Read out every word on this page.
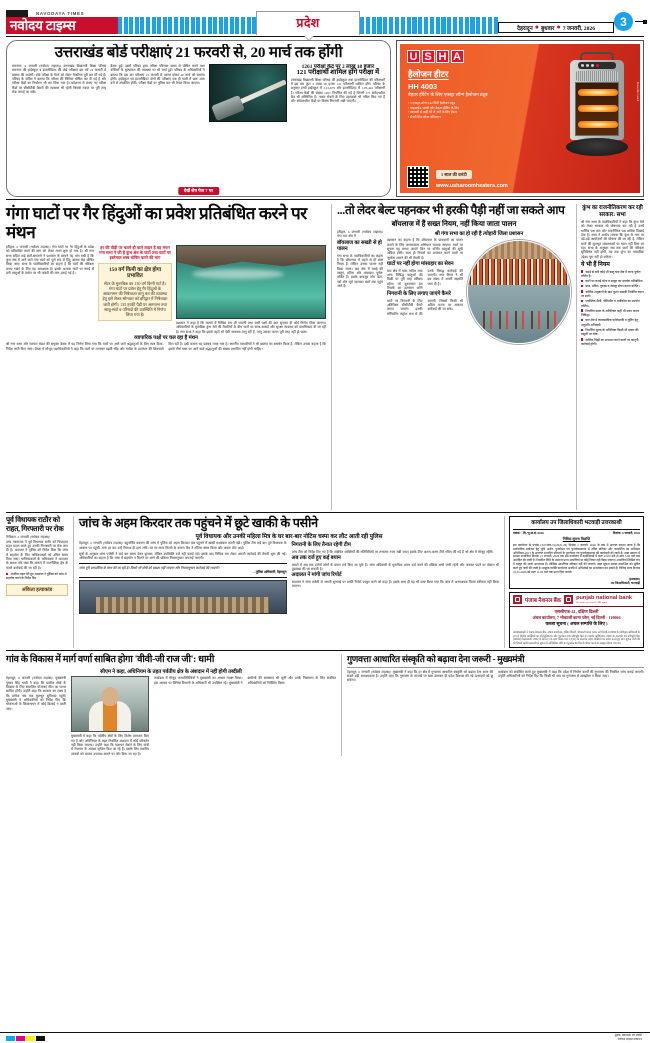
NAVODAYA TIMES
नवोदय टाइम्स	प्रदेश	देहरादून ● बुधवार ● 7 जनवरी, 2026	3
उत्तराखंड बोर्ड परीक्षाएं 21 फरवरी से, 20 मार्च तक होंगी
रामनगर, 6 जनवरी (नवोदय टाइम्स)। उत्तराखंड विद्यालयी शिक्षा परिषद रामनगर की हाईस्कूल व इंटरमीडिएट की बोर्ड परीक्षाएं इस वर्ष 21 फरवरी से प्रारम्भ की जाएंगी। बोर्ड परीक्षा के पैटर्न को लेकर तैयारियां पूरी कर ली गई हैं। परिषद के सचिव ने बताया कि परीक्षा की तिथियां घोषित कर दी गई हैं और परीक्षा केंद्रों का निर्धारण भी कर लिया गया है। प्रदेशभर में बनाए गए परीक्षा केंद्रों पर सीसीटीवी कैमरों की व्यवस्था भी रहेगी जिससे नकल पर पूरी तरह रोक लगाई जा सके।
बैठक हुई। इसमें परिषद द्वारा परीक्षा परिणाम समय से घोषित करने तथा कॉपियों के मूल्यांकन की व्यवस्था पर भी चर्चा हुई। परिषद के अधिकारियों ने बताया कि इस बार परीक्षाएं 21 फरवरी से आरंभ होकर 20 मार्च को समाप्त होंगी। हाईस्कूल एवं इंटरमीडिएट दोनों की परीक्षाएं एक ही पाली में प्रातः आठ बजे से संचालित होंगी। परीक्षा केंद्रों पर पुलिस बल भी तैनात किया जाएगा।
1261 परीक्षा केंद्र पर 2 लाख 18 हजार
121 परीक्षार्थी शामिल होंगे परीक्षा में
उत्तराखंड विद्यालयी शिक्षा परिषद की हाईस्कूल तथा इंटरमीडिएट की परीक्षाओं में इस बार कुल 2 लाख 18 हजार 121 परीक्षार्थी शामिल होंगे। परिषद के अनुसार इनमें हाईस्कूल में 1,12,679 और इंटरमीडिएट में 1,05,442 परीक्षार्थी हैं। परीक्षा केंद्रों की संख्या 1261 निर्धारित की गई है जिनमें 175 संवेदनशील केंद्र भी सम्मिलित हैं। नकल रोकने के लिए उड़नदस्ते भी गठित किए गए हैं और संवेदनशील केंद्रों पर विशेष निगरानी रखी जाएगी।
देखें शेष पेज 7 पर
U S H A
हैलोजन हीटर
HH 4003
बेहतर हीटिंग के लिए एक्स्ट्रा लॉन्ग हैलोजन ट्यूब
• 3 एक्स्ट्रा-लॉन्ग 242 मिमी हैलोजन ट्यूब
• वाइडस्प्रेड, जल्दी और बेहतर हीटिंग के लिए
• आसानी से कहीं भी ले जाने के लिए हैंडल
• सेफ्टी टिप-ओवर प्रोटेक्शन
1 साल की वारंटी
www.usharoomheaters.com
Manufactured
गंगा घाटों पर गैर हिंदुओं का प्रवेश प्रतिबंधित करने पर मंथन
हरिद्वार, 6 जनवरी (नवोदय टाइम्स)। गंगा घाटों पर गैर हिंदुओं के प्रवेश को प्रतिबंधित करने की मांग को लेकर मंथन शुरू हो गया है। श्री गंगा सभा सहित कई संतों-संगठनों ने प्रशासन के सामने यह मांग रखी है कि कुंभ क्षेत्र में आने वाले गंगा घाटों को पूर्ण रूप से हिंदू आस्था केंद्र घोषित किया जाए। सभा के पदाधिकारियों का कहना है कि घाटों की पवित्रता बनाए रखने के लिए यह आवश्यक है। इसके अलावा घाटों पर चमड़े से बनी वस्तुओं के प्रयोग पर भी पाबंदी की मांग उठाई गई है।
हर की पौड़ी पर चलने ही वाले लाइन है वह मंथन गंगा सभा ने की है कुंभ क्षेत्र के घाटों तथा घाटों पर इस्तेमाल शस्त्र घोषित करने की मांग
150 वर्ग किमी का क्षेत्र होगा प्रभावित
सेंटर के मुताबिक का 130 वर्ग किमी पार्ट है। गंगा घाटों पर प्रवेश हेतु गैर हिंदुओं के आवागमन की निषेधाज्ञा लागू कर की व्यवस्था हेतु इसे लेकर सोमवार को हरिद्वार में निषेधाज्ञा जारी होगी। 135 हरकी पैड़ी पर आमजन तथा साधु-संतों व परिषदों की उपस्थिति में निर्णय लिया गया है।
प्रशासन ने कहा है कि मामले में विधिक राय ली जाएगी तथा सभी पक्षों की बात सुनकर ही कोई निर्णय लिया जाएगा। अधिकारियों के मुताबिक कुंभ मेले की तैयारियों के बीच घाटों पर साफ-सफाई और सुरक्षा व्यवस्था को प्राथमिकता दी जा रही है। गंगा सभा ने कहा कि इससे पहले भी ऐसी व्यवस्था लागू रही है, परंतु उसका पालन पूरी तरह नहीं हो पाता।
व्यापारिक पक्षों पर चल रहा है मंथन
श्री गंगा सभा और व्यापार मंडल की संयुक्त बैठक में यह निर्णय लिया गया कि घाटों पर आने वाले श्रद्धालुओं के लिए स्पष्ट दिशा-निर्देश जारी किए जाएं। बैठक में मौजूद पदाधिकारियों ने कहा कि घाटों पर लगातार बढ़ती भीड़ और मर्यादा के उल्लंघन की शिकायतें मिल रही हैं। इसी कारण यह प्रस्ताव लाया गया है। स्थानीय व्यापारियों ने भी प्रस्ताव का समर्थन किया है, लेकिन उनका कहना है कि इससे तीर्थ यात्रा पर आने वाले श्रद्धालुओं की संख्या प्रभावित नहीं होनी चाहिए।
...तो लेदर बेल्ट पहनकर भी हरकी पैड़ी नहीं जा सकते आप
बॉयलाज में हैं सख्त नियम, नहीं किया जाता पालन
हरिद्वार, 6 जनवरी (नवोदय टाइम्स)। गंगा घाट क्षेत्र में
बॉयलाज का सख्ती से हो पालन
गंगा सभा के पदाधिकारियों का कहना है कि बॉयलाज में पहले से ही स्पष्ट नियम हैं, लेकिन उनका पालन नहीं किया जाता। घाट क्षेत्र में चमड़े की वस्तुएं, मदिरा और मांसाहार पूर्णतः वर्जित हैं। इसके बावजूद लोग बेल्ट, पर्स और जूते पहनकर घाटों तक पहुंच जाते हैं।
श्री गंगा सभा का हो रही है त्योहारी जिला प्रशासन
प्रशासन का कहना है कि बॉयलाज के प्रावधानों का पालन कराने के लिए जागरूकता अभियान चलाया जाएगा। घाटों पर सूचना पट्ट लगाए जाएंगे जिन पर वर्जित वस्तुओं की सूची अंकित होगी। साथ ही नियमों का उल्लंघन करने वालों पर जुर्माना लगाने की भी तैयारी है।
घाटों पर नहीं होगा मांसाहार का सेवन
घाट क्षेत्र में मांस, मदिरा तथा अन्य निषिद्ध वस्तुओं की बिक्री पर पूरी तरह प्रतिबंध रहेगा। जो दुकानदार इन नियमों का उल्लंघन करेंगे उनके विरुद्ध कार्रवाई की जाएगी। नगर निगम ने भी इस संबंध में अपनी सहमति जता दी है।
निगरानी के लिए लगाए जाएंगे कैमरे
घाटों पर निगरानी के लिए अतिरिक्त सीसीटीवी कैमरे लगाए जाएंगे। इनकी मॉनिटरिंग कंट्रोल रूम से की जाएगी, जिससे किसी भी अप्रिय घटना पर तत्काल कार्रवाई की जा सके।
कुंभ का राजनीतिकरण कर रही सरकार: सभा
श्री गंगा सभा के पदाधिकारियों ने कहा कि कुंभ मेले को लेकर सरकार जो घोषणाएं कर रही है उनमें धार्मिक पक्ष कम और राजनीतिक पक्ष अधिक दिखाई देता है। सभा ने आरोप लगाया कि कुंभ के नाम पर बड़े-बड़े आयोजनों की घोषणा की जा रही है, लेकिन घाटों की मूलभूत व्यवस्थाओं पर ध्यान नहीं दिया जा रहा। सभा के अनुसार जब तक घाटों की पवित्रता सुनिश्चित नहीं होगी, तब तक कुंभ का वास्तविक उद्देश्य पूरा नहीं हो सकेगा।
ये भी हैं नियम
चमड़े से बनी कोई भी वस्तु घाट क्षेत्र में लाना पूर्णतः वर्जित है।
घाटों पर कपड़े धोना व साबुन का उपयोग प्रतिबंधित।
मांस, मदिरा, गुटखा व तंबाकू सेवन करना वर्जित।
धार्मिक अनुष्ठानों के बाद पूजन सामग्री निर्धारित स्थान पर डालें।
प्लास्टिक थैली, पॉलिथीन व थर्मोकोल का उपयोग वर्जित।
निर्धारित स्थान के अतिरिक्त कहीं भी स्नान करना निषिद्ध।
घाट क्षेत्र में व्यावसायिक फोटोग्राफी व शूटिंग हेतु अनुमति अनिवार्य।
निर्धारित शुल्क के अतिरिक्त किसी भी प्रकार की वसूली पर रोक।
धार्मिक चिह्नों का अपमान करने वालों पर कानूनी कार्रवाई होगी।
पूर्व विधायक राठौर को राहत, गिरफ्तारी पर रोक
नैनीताल, 6 जनवरी (नवोदय टाइम्स)।
उच्च न्यायालय ने पूर्व विधायक राठौर को फिलहाल राहत प्रदान करते हुए उनकी गिरफ्तारी पर रोक लगा दी है। अदालत ने पुलिस को निर्देश दिया कि जांच में सहयोग के लिए याचिकाकर्ता को उचित समय दिया जाए। याचिकाकर्ता के अधिवक्ता ने अदालत के समक्ष तर्क रखा कि मामले में राजनीतिक द्वेष के चलते कार्रवाई की जा रही है।
अंतरिम राहत देते हुए अदालत ने पुलिस को जांच में सहयोग करने के निर्देश दिए
अंकिता हत्याकांड
जांच के अहम किरदार तक पहुंचने में छूटे खाकी के पसीने
पूर्व विधायक और उनकी महिला मित्र के घर बार-बार नोटिस चस्पा कर लौट आती रही पुलिस
देहरादून, 6 जनवरी (नवोदय टाइम्स)। बहुचर्चित प्रकरण की जांच में पुलिस को अहम किरदार तक पहुंचने में खासी मशक्कत करनी पड़ी। पुलिस टीम कई बार पूर्व विधायक के आवास पर पहुंची, मगर हर बार उन्हें निराशा ही हाथ लगी। घर पर ताला मिलने के कारण टीम ने नोटिस चस्पा किया और वापस लौट आई।
सूत्रों के अनुसार जांच एजेंसी ने कई बार समय देकर बुलाया, लेकिन उपस्थिति दर्ज नहीं कराई गई। इसके बाद विधिक राय लेकर अगली कार्रवाई की तैयारी शुरू की गई। अधिकारियों का कहना है कि जांच में सहयोग न मिलने पर आगे की प्रक्रिया नियमानुसार अपनाई जाएगी।
जांच पूरी पारदर्शिता के साथ की जा रही है। किसी भी दोषी को बख्शा नहीं जाएगा और नियमानुसार कार्रवाई की जाएगी।
—पुलिस अधिकारी, देहरादून
निगरानी के लिए तैनात रहेगी टीम
जांच टीम को निर्देश दिए गए हैं कि संबंधित व्यक्तियों की गतिविधियों पर लगातार नजर रखी जाए। इसके लिए अलग-अलग टीमें गठित की गई हैं जो क्षेत्र में मौजूद रहेंगी।
अब तक दर्ज हुए कई बयान
मामले में अब तक दर्जनों लोगों के बयान दर्ज किए जा चुके हैं। जांच अधिकारी के मुताबिक बयान दर्ज करने की प्रक्रिया अभी जारी रहेगी और जरूरत पड़ने पर दोबारा भी पूछताछ की जा सकती है।
अदालत ने मांगी जांच रिपोर्ट
अदालत ने जांच एजेंसी से अगली सुनवाई पर प्रगति रिपोर्ट प्रस्तुत करने को कहा है। इसके साथ ही यह भी स्पष्ट किया गया कि जांच में अनावश्यक विलंब स्वीकार नहीं किया जाएगा।
कार्यालय उप जिलाधिकारी भटवाड़ी उत्तरकाशी
पत्रांक : -वि./भू-प्रा.सं./2026	दिनांक: 6 जनवरी, 2026
निविदा सूचना विज्ञप्ति
इस कार्यालय के पत्रांक-1347/पांच-01(2025-26) दिनांक 2 जनवरी, 2026 के क्रम में अवगत कराया जाता है कि सार्वजनिक प्रयोजन हेतु भूमि अर्जन, पुनर्वासन एवं पुनर्व्यवस्थापन में उचित प्रतिकर और पारदर्शिता का अधिकार अधिनियम-2013 के अन्तर्गत प्रभावित परिवारों के पुनर्वासन एवं पुनर्व्यवस्थापन की कार्यवाही की जानी है। उक्त प्रकरण में समस्त आपत्तियां दिनांक 21 जनवरी, 2026 तक इस कार्यालय में कार्यदिवसों में प्रातः 10.00 बजे से सायं 5.00 बजे तक आमंत्रित की जाती हैं। निर्धारित तिथि के उपरान्त प्राप्त आपत्तियों पर कोई विचार नहीं किया जाएगा। आपत्तियां लिखित रूप में प्रस्तुत की जानी आवश्यक हैं। मौखिक आपत्तियां स्वीकार नहीं की जाएंगी। उक्त सूचना समस्त सम्बन्धित को सूचित करते हुए जारी की जाती है। इच्छुक व्यक्ति कार्यालय अवधि में अभिलेखों का अवलोकन कर सकते हैं। निविदा प्रपत्र दिनांक 22.01.2026 को प्रातः 11.00 बजे तक प्राप्त किए जाएंगे।
(हस्ताक्षर)
उप जिलाधिकारी, भटवाड़ी
पंजाब नैशनल बैंक	punjab national bank
the name you can BANK upon
एससीएफ-41, दक्षिण दिल्ली
अंचल कार्यालय, 7 भीकाजी कामा प्लेस, नई दिल्ली - 110066
कब्जा सूचना ( अचल सम्पत्ति के लिए )
अधोहस्ताक्षरी ने पंजाब नैशनल बैंक, अंचल कार्यालय, दक्षिण दिल्ली, भीकाजी कामा प्लेस, नई दिल्ली-110066 के प्राधिकृत अधिकारी के रूप में वित्तीय आस्तियों का प्रतिभूतिकरण और पुनर्गठन तथा प्रतिभूति हित का प्रवर्तन अधिनियम, 2002 के अन्तर्गत एवं प्रतिभूति हित (प्रवर्तन) नियमावली, 2002 के नियम 3 के साथ पठित धारा 13(12) के अन्तर्गत प्रदत्त शक्तियों का प्रयोग करते हुए मांग सूचना जारी की थी जिसमें ऋणी/जमानती से सूचना में उल्लिखित राशि का भुगतान 60 दिन के भीतर करने का आह्वान किया गया था।
गांव के विकास में मार्ग वर्णा साबित होगा 'वीवी-जी राज जी': धामी
सीएम ने कहा, अधिनियम के तहत पर्वतीय क्षेत्र के अंशदान में नहीं होगी तब्दीली
देहरादून, 6 जनवरी (नवोदय टाइम्स)। मुख्यमंत्री पुष्कर सिंह धामी ने कहा कि ग्रामीण क्षेत्रों के विकास के लिए संचालित योजनाएं मील का पत्थर साबित होंगी। उन्होंने कहा कि सरकार का लक्ष्य है कि प्रत्येक गांव तक मूलभूत सुविधाएं पहुंचें। मुख्यमंत्री ने अधिकारियों को निर्देश दिए कि योजनाओं के क्रियान्वयन में कोई ढिलाई न बरती जाए।
मुख्यमंत्री ने कहा कि पर्वतीय क्षेत्रों के लिए विशेष प्रावधान किए गए हैं और अधिनियम के तहत निर्धारित अंशदान में कोई परिवर्तन नहीं किया जाएगा। उन्होंने कहा कि पलायन रोकने के लिए गांवों में रोजगार के अवसर सृजित किए जा रहे हैं। इसके लिए स्थानीय उत्पादों को बाजार उपलब्ध कराने पर जोर दिया जा रहा है।
कार्यक्रम में मौजूद जनप्रतिनिधियों ने मुख्यमंत्री का आभार व्यक्त किया। इस अवसर पर विभिन्न विभागों के अधिकारी भी उपस्थित रहे। मुख्यमंत्री ने ग्रामीणों की समस्याएं भी सुनीं और उनके निस्तारण के लिए संबंधित अधिकारियों को निर्देशित किया।
गुणवत्ता आधारित संस्कृति को बढ़ावा देना जरूरी - मुख्यमंत्री
देहरादून, 6 जनवरी (नवोदय टाइम्स)। मुख्यमंत्री ने कहा कि हर क्षेत्र में गुणवत्ता आधारित संस्कृति को बढ़ावा देना आज की सबसे बड़ी आवश्यकता है। उन्होंने कहा कि गुणवत्ता के मानकों पर खरा उतरकर ही प्रदेश विकास की नई ऊंचाइयों को छू सकेगा।
कार्यक्रम को संबोधित करते हुए मुख्यमंत्री ने कहा कि प्रदेश में निर्माण कार्यों की गुणवत्ता की नियमित जांच कराई जाएगी। उन्होंने अधिकारियों को निर्देश दिए कि किसी भी स्तर पर गुणवत्ता से समझौता न किया जाए।
मुद्रक, प्रकाशक एवं स्वामी
नवोदय टाइम्स प्रकाशन
